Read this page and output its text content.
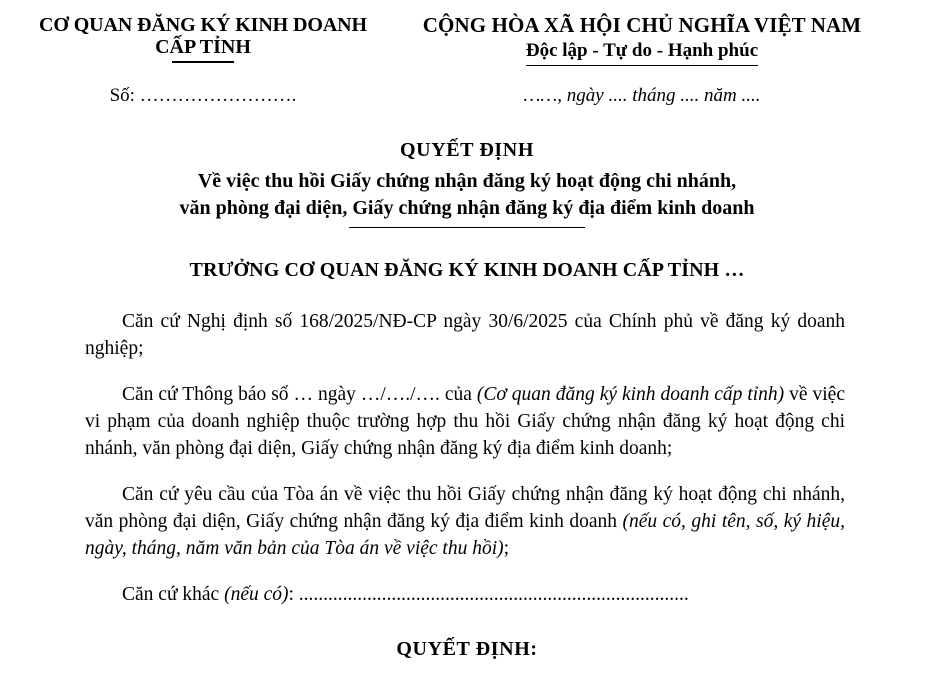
CƠ QUAN ĐĂNG KÝ KINH DOANH
CẤP TỈNH
CỘNG HÒA XÃ HỘI CHỦ NGHĨA VIỆT NAM
Độc lập - Tự do - Hạnh phúc
Số: …………………….	……, ngày .... tháng .... năm ....
QUYẾT ĐỊNH
Về việc thu hồi Giấy chứng nhận đăng ký hoạt động chi nhánh,
văn phòng đại diện, Giấy chứng nhận đăng ký địa điểm kinh doanh
TRƯỞNG CƠ QUAN ĐĂNG KÝ KINH DOANH CẤP TỈNH …

Căn cứ Nghị định số 168/2025/NĐ-CP ngày 30/6/2025 của Chính phủ về đăng ký doanh nghiệp;

Căn cứ Thông báo số … ngày …/…./…. của (Cơ quan đăng ký kinh doanh cấp tỉnh) về việc vi phạm của doanh nghiệp thuộc trường hợp thu hồi Giấy chứng nhận đăng ký hoạt động chi nhánh, văn phòng đại diện, Giấy chứng nhận đăng ký địa điểm kinh doanh;

Căn cứ yêu cầu của Tòa án về việc thu hồi Giấy chứng nhận đăng ký hoạt động chi nhánh, văn phòng đại diện, Giấy chứng nhận đăng ký địa điểm kinh doanh (nếu có, ghi tên, số, ký hiệu, ngày, tháng, năm văn bản của Tòa án về việc thu hồi);

Căn cứ khác (nếu có): ................................................................................

QUYẾT ĐỊNH:
